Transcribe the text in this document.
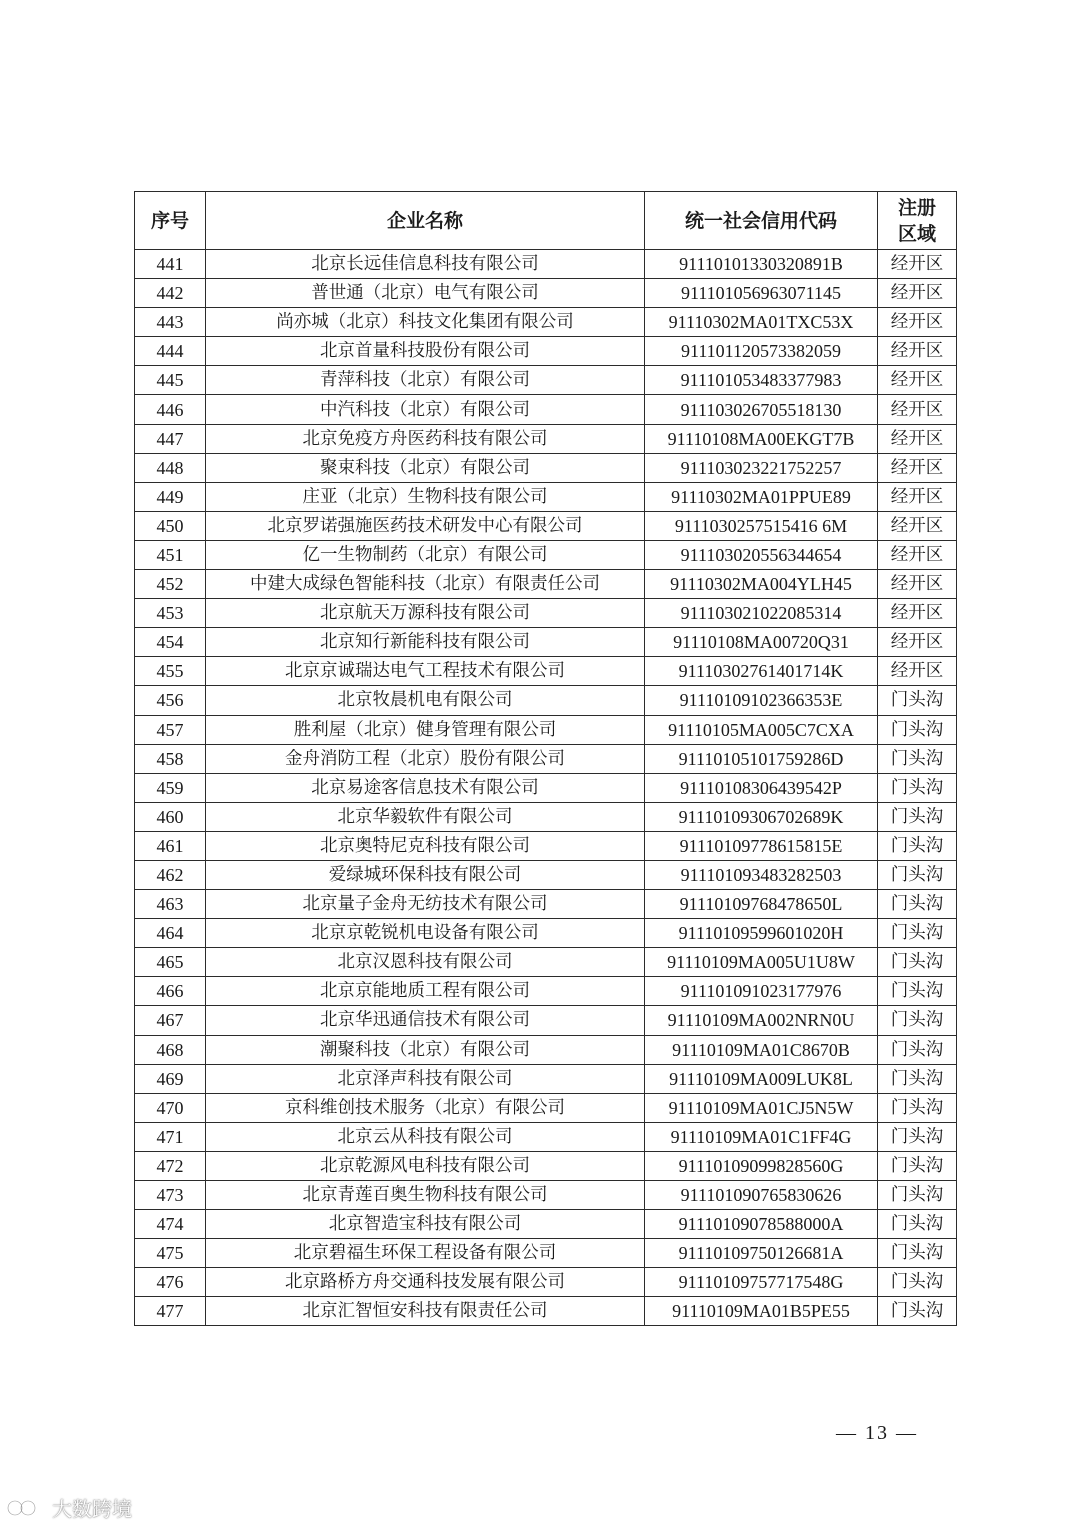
序号	企业名称	统一社会信用代码	注册
区域

441	北京长远佳信息科技有限公司	91110101330320891B	经开区
442	普世通（北京）电气有限公司	911101056963071145	经开区
443	尚亦城（北京）科技文化集团有限公司	91110302MA01TXC53X	经开区
444	北京首量科技股份有限公司	911101120573382059	经开区
445	青萍科技（北京）有限公司	911101053483377983	经开区
446	中汽科技（北京）有限公司	911103026705518130	经开区
447	北京免疫方舟医药科技有限公司	91110108MA00EKGT7B	经开区
448	聚束科技（北京）有限公司	911103023221752257	经开区
449	庄亚（北京）生物科技有限公司	91110302MA01PPUE89	经开区
450	北京罗诺强施医药技术研发中心有限公司	9111030257515416 6M	经开区
451	亿一生物制药（北京）有限公司	911103020556344654	经开区
452	中建大成绿色智能科技（北京）有限责任公司	91110302MA004YLH45	经开区
453	北京航天万源科技有限公司	911103021022085314	经开区
454	北京知行新能科技有限公司	91110108MA00720Q31	经开区
455	北京京诚瑞达电气工程技术有限公司	91110302761401714K	经开区
456	北京牧晨机电有限公司	91110109102366353E	门头沟
457	胜利屋（北京）健身管理有限公司	91110105MA005C7CXA	门头沟
458	金舟消防工程（北京）股份有限公司	91110105101759286D	门头沟
459	北京易途客信息技术有限公司	91110108306439542P	门头沟
460	北京华毅软件有限公司	91110109306702689K	门头沟
461	北京奥特尼克科技有限公司	91110109778615815E	门头沟
462	爱绿城环保科技有限公司	911101093483282503	门头沟
463	北京量子金舟无纺技术有限公司	91110109768478650L	门头沟
464	北京京乾锐机电设备有限公司	91110109599601020H	门头沟
465	北京汉恩科技有限公司	91110109MA005U1U8W	门头沟
466	北京京能地质工程有限公司	911101091023177976	门头沟
467	北京华迅通信技术有限公司	91110109MA002NRN0U	门头沟
468	潮聚科技（北京）有限公司	91110109MA01C8670B	门头沟
469	北京泽声科技有限公司	91110109MA009LUK8L	门头沟
470	京科维创技术服务（北京）有限公司	91110109MA01CJ5N5W	门头沟
471	北京云从科技有限公司	91110109MA01C1FF4G	门头沟
472	北京乾源风电科技有限公司	91110109099828560G	门头沟
473	北京青莲百奥生物科技有限公司	911101090765830626	门头沟
474	北京智造宝科技有限公司	91110109078588000A	门头沟
475	北京碧福生环保工程设备有限公司	91110109750126681A	门头沟
476	北京路桥方舟交通科技发展有限公司	91110109757717548G	门头沟
477	北京汇智恒安科技有限责任公司	91110109MA01B5PE55	门头沟
— 13 —
大数跨境
